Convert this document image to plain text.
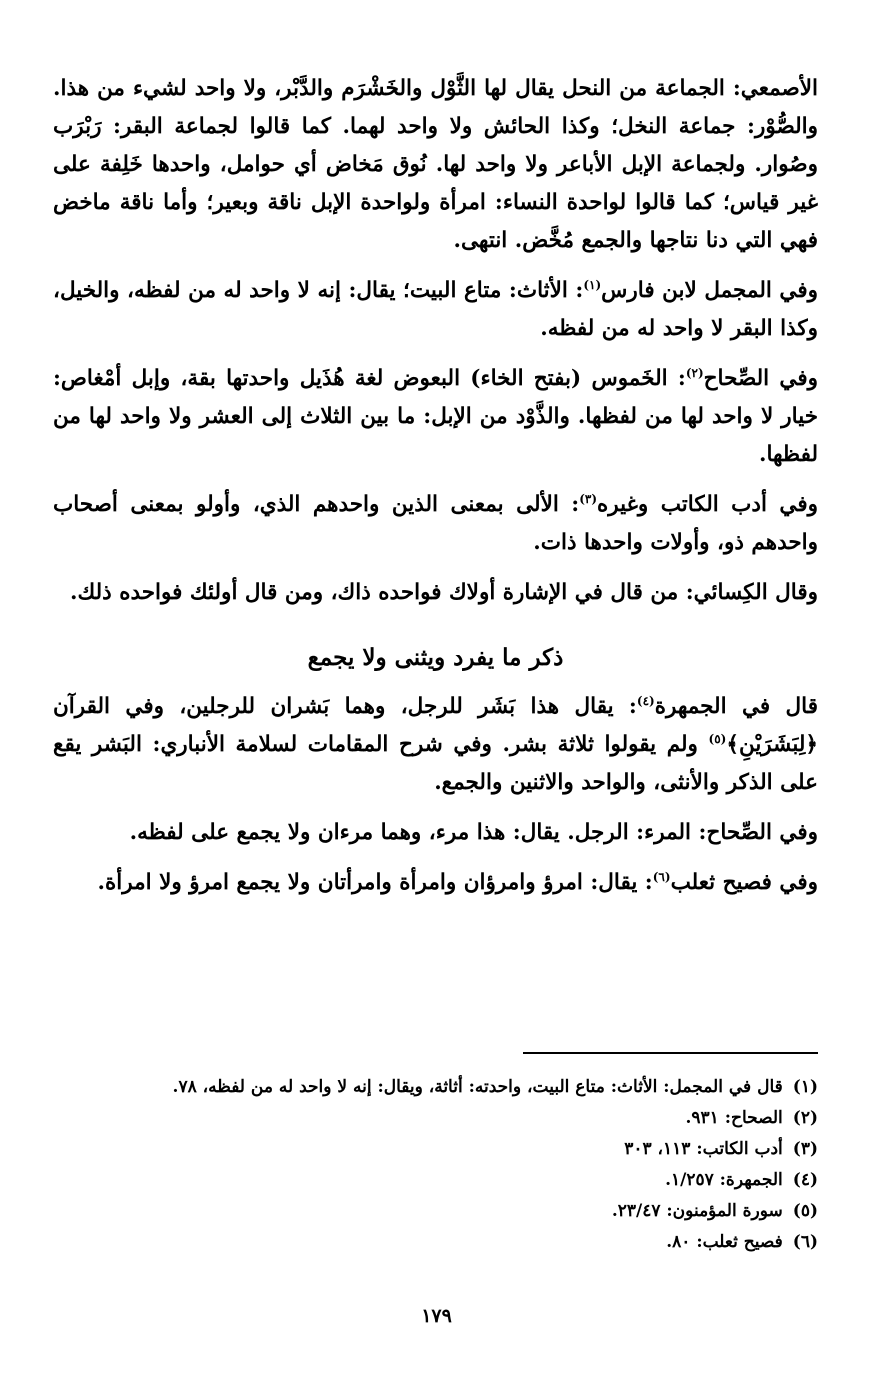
الأصمعي: الجماعة من النحل يقال لها الثَّوْل والخَشْرَم والدَّبْر، ولا واحد لشيء من هذا. والصُّوْر: جماعة النخل؛ وكذا الحائش ولا واحد لهما. كما قالوا لجماعة البقر: رَبْرَب وصُوار. ولجماعة الإبل الأباعر ولا واحد لها. نُوق مَخاض أي حوامل، واحدها خَلِفة على غير قياس؛ كما قالوا لواحدة النساء: امرأة ولواحدة الإبل ناقة وبعير؛ وأما ناقة ماخض فهي التي دنا نتاجها والجمع مُخَّض. انتهى.

وفي المجمل لابن فارس$^{(١)}$: الأثاث: متاع البيت؛ يقال: إنه لا واحد له من لفظه، والخيل، وكذا البقر لا واحد له من لفظه.

وفي الصِّحاح$^{(٢)}$: الخَموس (بفتح الخاء) البعوض لغة هُذَيل واحدتها بقة، وإبل أمْغاص: خيار لا واحد لها من لفظها. والذَّوْد من الإبل: ما بين الثلاث إلى العشر ولا واحد لها من لفظها.

وفي أدب الكاتب وغيره$^{(٣)}$: الألى بمعنى الذين واحدهم الذي، وأولو بمعنى أصحاب واحدهم ذو، وأولات واحدها ذات.

وقال الكِسائي: من قال في الإشارة أولاك فواحده ذاك، ومن قال أولئك فواحده ذلك.

ذكر ما يفرد ويثنى ولا يجمع

قال في الجمهرة$^{(٤)}$: يقال هذا بَشَر للرجل، وهما بَشران للرجلين، وفي القرآن ﴿لِبَشَرَيْنِ﴾$^{(٥)}$ ولم يقولوا ثلاثة بشر. وفي شرح المقامات لسلامة الأنباري: البَشر يقع على الذكر والأنثى، والواحد والاثنين والجمع.

وفي الصِّحاح: المرء: الرجل. يقال: هذا مرء، وهما مرءان ولا يجمع على لفظه.

وفي فصيح ثعلب$^{(٦)}$: يقال: امرؤ وامرؤان وامرأة وامرأتان ولا يجمع امرؤ ولا امرأة.

(١)قال في المجمل: الأثاث: متاع البيت، واحدته: أثاثة، ويقال: إنه لا واحد له من لفظه، ٧٨.
(٢)الصحاح: ٩٣١.
(٣)أدب الكاتب: ١١٣، ٣٠٣
(٤)الجمهرة: ١/٢٥٧.
(٥)سورة المؤمنون: ٢٣/٤٧.
(٦)فصيح ثعلب: ٨٠.
١٧٩
